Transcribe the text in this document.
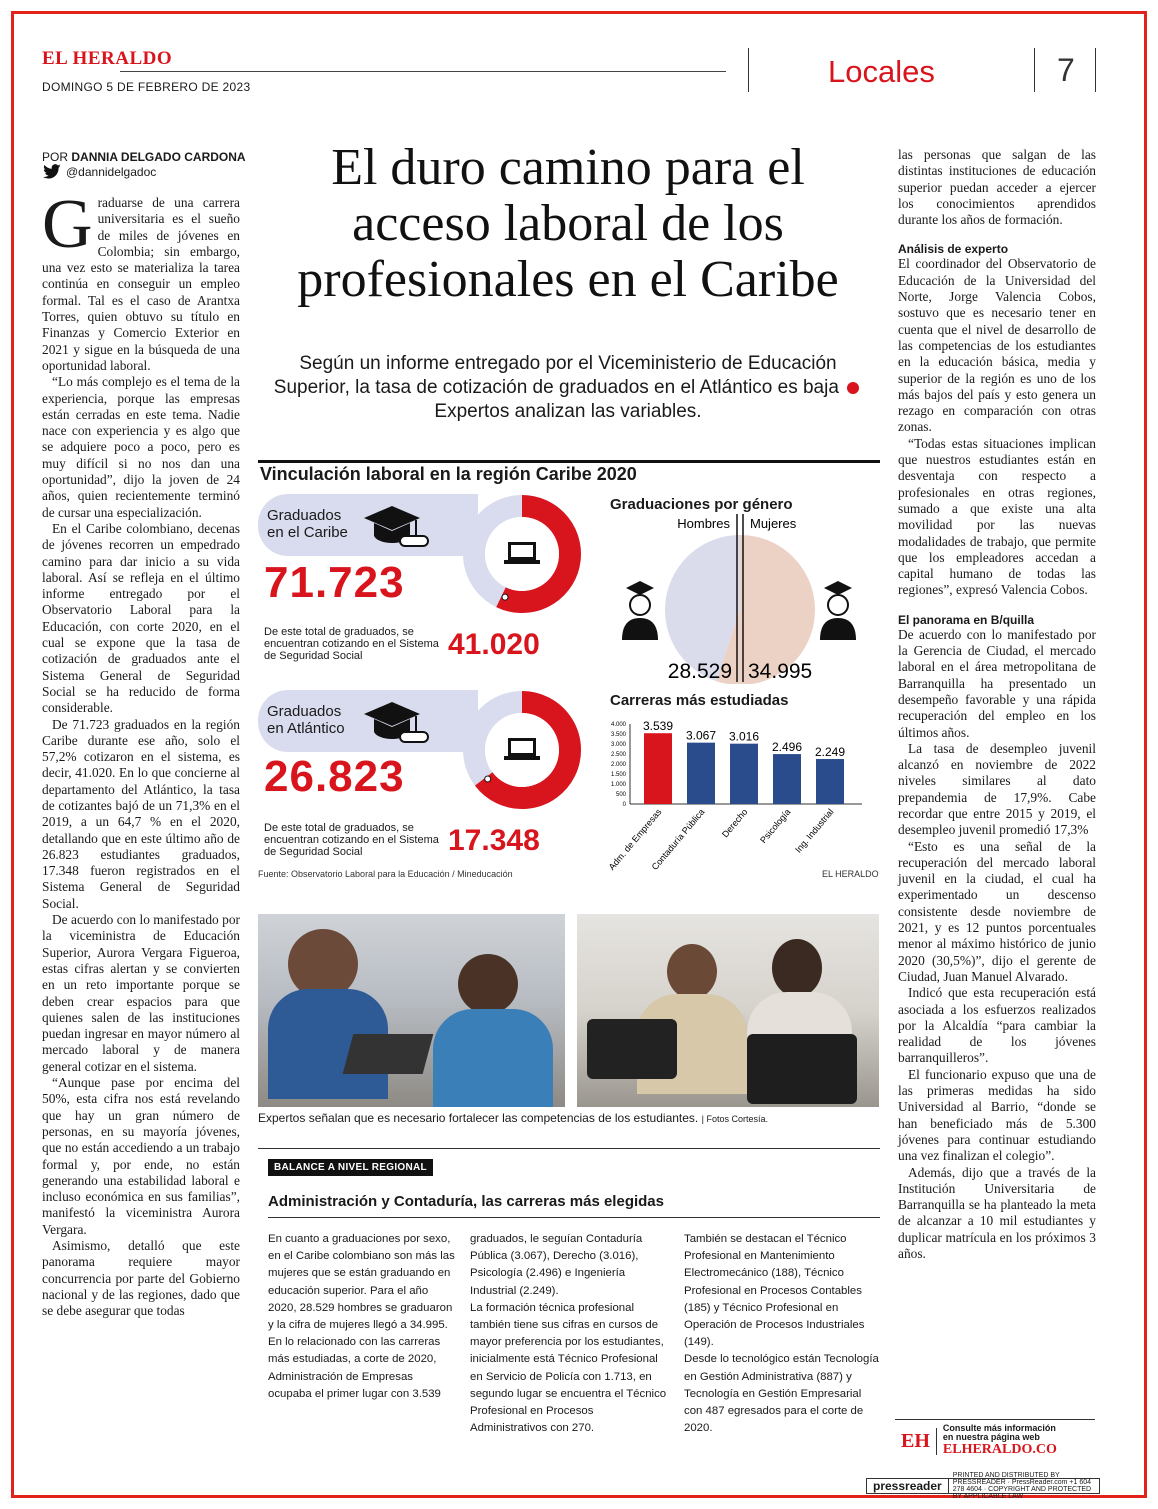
EL HERALDO
DOMINGO 5 DE FEBRERO DE 2023	Locales	7
POR DANNIA DELGADO CARDONA
@dannidelgadoc

Graduarse de una carrera universitaria es el sueño de miles de jóvenes en Colombia; sin embargo, una vez esto se materializa la tarea continúa en conseguir un empleo formal. Tal es el caso de Arantxa Torres, quien obtuvo su título en Finanzas y Comercio Exterior en 2021 y sigue en la búsqueda de una oportunidad laboral.

“Lo más complejo es el tema de la experiencia, porque las empresas están cerradas en este tema. Nadie nace con experiencia y es algo que se adquiere poco a poco, pero es muy difícil si no nos dan una oportunidad”, dijo la joven de 24 años, quien recientemente terminó de cursar una especialización.

En el Caribe colombiano, decenas de jóvenes recorren un empedrado camino para dar inicio a su vida laboral. Así se refleja en el último informe entregado por el Observatorio Laboral para la Educación, con corte 2020, en el cual se expone que la tasa de cotización de graduados ante el Sistema General de Seguridad Social se ha reducido de forma considerable.

De 71.723 graduados en la región Caribe durante ese año, solo el 57,2% cotizaron en el sistema, es decir, 41.020. En lo que concierne al departamento del Atlántico, la tasa de cotizantes bajó de un 71,3% en el 2019, a un 64,7 % en el 2020, detallando que en este último año de 26.823 estudiantes graduados, 17.348 fueron registrados en el Sistema General de Seguridad Social.

De acuerdo con lo manifestado por la viceministra de Educación Superior, Aurora Vergara Figueroa, estas cifras alertan y se convierten en un reto importante porque se deben crear espacios para que quienes salen de las instituciones puedan ingresar en mayor número al mercado laboral y de manera general cotizar en el sistema.

“Aunque pase por encima del 50%, esta cifra nos está revelando que hay un gran número de personas, en su mayoría jóvenes, que no están accediendo a un trabajo formal y, por ende, no están generando una estabilidad laboral e incluso económica en sus familias”, manifestó la viceministra Aurora Vergara.

Asimismo, detalló que este panorama requiere mayor concurrencia por parte del Gobierno nacional y de las regiones, dado que se debe asegurar que todas

El duro camino para el acceso laboral de los profesionales en el Caribe
Según un informe entregado por el Viceministerio de Educación Superior, la tasa de cotización de graduados en el Atlántico es baja  Expertos analizan las variables.
Vinculación laboral en la región Caribe 2020
Graduados en el Caribe
71.723
De este total de graduados, se encuentran cotizando en el Sistema de Seguridad Social	41.020
Graduados en Atlántico
26.823
De este total de graduados, se encuentran cotizando en el Sistema de Seguridad Social	17.348
Graduaciones por género
Hombres Mujeres
28.529 34.995
Carreras más estudiadas
4.000
3.500
3.000
2.500
2.000
1.500
1.000
500
0
3.539
Adm. de Empresas
3.067
Contaduría Pública
3.016
Derecho
2.496
Psicología
2.249
Ing. Industrial
Fuente: Observatorio Laboral para la Educación / Mineducación	EL HERALDO
Expertos señalan que es necesario fortalecer las competencias de los estudiantes. | Fotos Cortesía.
BALANCE A NIVEL REGIONAL
Administración y Contaduría, las carreras más elegidas
En cuanto a graduaciones por sexo, en el Caribe colombiano son más las mujeres que se están graduando en educación superior. Para el año 2020, 28.529 hombres se graduaron y la cifra de mujeres llegó a 34.995.
En lo relacionado con las carreras más estudiadas, a corte de 2020, Administración de Empresas ocupaba el primer lugar con 3.539
graduados, le seguían Contaduría Pública (3.067), Derecho (3.016), Psicología (2.496) e Ingeniería Industrial (2.249).
La formación técnica profesional también tiene sus cifras en cursos de mayor preferencia por los estudiantes, inicialmente está Técnico Profesional en Servicio de Policía con 1.713, en segundo lugar se encuentra el Técnico Profesional en Procesos Administrativos con 270.
También se destacan el Técnico Profesional en Mantenimiento Electromecánico (188), Técnico Profesional en Procesos Contables (185) y Técnico Profesional en Operación de Procesos Industriales (149).
Desde lo tecnológico están Tecnología en Gestión Administrativa (887) y Tecnología en Gestión Empresarial con 487 egresados para el corte de 2020.

las personas que salgan de las distintas instituciones de educación superior puedan acceder a ejercer los conocimientos aprendidos durante los años de formación.

Análisis de experto

El coordinador del Observatorio de Educación de la Universidad del Norte, Jorge Valencia Cobos, sostuvo que es necesario tener en cuenta que el nivel de desarrollo de las competencias de los estudiantes en la educación básica, media y superior de la región es uno de los más bajos del país y esto genera un rezago en comparación con otras zonas.

“Todas estas situaciones implican que nuestros estudiantes están en desventaja con respecto a profesionales en otras regiones, sumado a que existe una alta movilidad por las nuevas modalidades de trabajo, que permite que los empleadores accedan a capital humano de todas las regiones”, expresó Valencia Cobos.

El panorama en B/quilla

De acuerdo con lo manifestado por la Gerencia de Ciudad, el mercado laboral en el área metropolitana de Barranquilla ha presentado un desempeño favorable y una rápida recuperación del empleo en los últimos años.

La tasa de desempleo juvenil alcanzó en noviembre de 2022 niveles similares al dato prepandemia de 17,9%. Cabe recordar que entre 2015 y 2019, el desempleo juvenil promedió 17,3%

“Esto es una señal de la recuperación del mercado laboral juvenil en la ciudad, el cual ha experimentado un descenso consistente desde noviembre de 2021, y es 12 puntos porcentuales menor al máximo histórico de junio 2020 (30,5%)”, dijo el gerente de Ciudad, Juan Manuel Alvarado.

Indicó que esta recuperación está asociada a los esfuerzos realizados por la Alcaldía “para cambiar la realidad de los jóvenes barranquilleros”.

El funcionario expuso que una de las primeras medidas ha sido Universidad al Barrio, “donde se han beneficiado más de 5.300 jóvenes para continuar estudiando una vez finalizan el colegio”.

Además, dijo que a través de la Institución Universitaria de Barranquilla se ha planteado la meta de alcanzar a 10 mil estudiantes y duplicar matrícula en los próximos 3 años.

EH
Consulte más información en nuestra página web
ELHERALDO.CO
pressreader
PRINTED AND DISTRIBUTED BY PRESSREADER · PressReader.com +1 604 278 4604 · COPYRIGHT AND PROTECTED BY APPLICABLE LAW
